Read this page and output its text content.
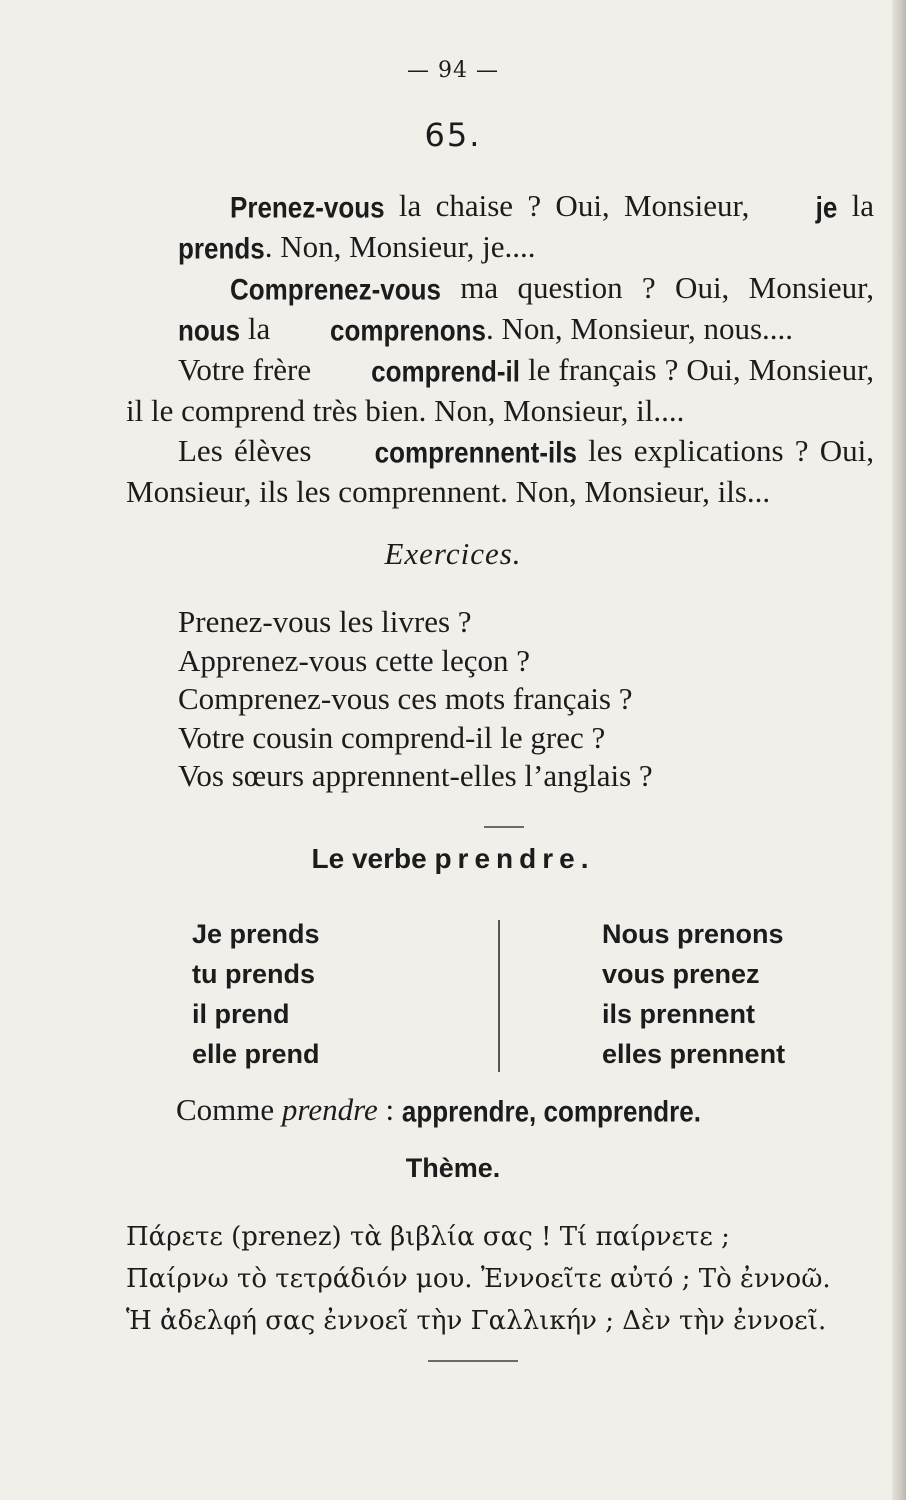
— 94 —
65.

Prenez-vous la chaise ? Oui, Monsieur, je la prends. Non, Monsieur, je....

Comprenez-vous ma question ? Oui, Monsieur, nous la comprenons. Non, Monsieur, nous....

Votre frère comprend-il le français ? Oui, Monsieur, il le comprend très bien. Non, Monsieur, il....

Les élèves comprennent-ils les explications ? Oui, Monsieur, ils les comprennent. Non, Monsieur, ils...

Exercices.
Prenez-vous les livres ?
Apprenez-vous cette leçon ?
Comprenez-vous ces mots français ?
Votre cousin comprend-il le grec ?
Vos sœurs apprennent-elles l’anglais ?
Le verbe prendre.
Je prends
tu prends
il prend
elle prend
Nous prenons
vous prenez
ils prennent
elles prennent
Comme prendre : apprendre, comprendre.
Thème.

Πάρετε (prenez) τὰ βιβλία σας ! Τί παίρνετε ;

Παίρνω τὸ τετράδιόν μου. Ἐννοεῖτε αὐτό ; Τὸ ἐννοῶ.

Ἡ ἀδελφή σας ἐννοεῖ τὴν Γαλλικήν ; Δὲν τὴν ἐννοεῖ.
